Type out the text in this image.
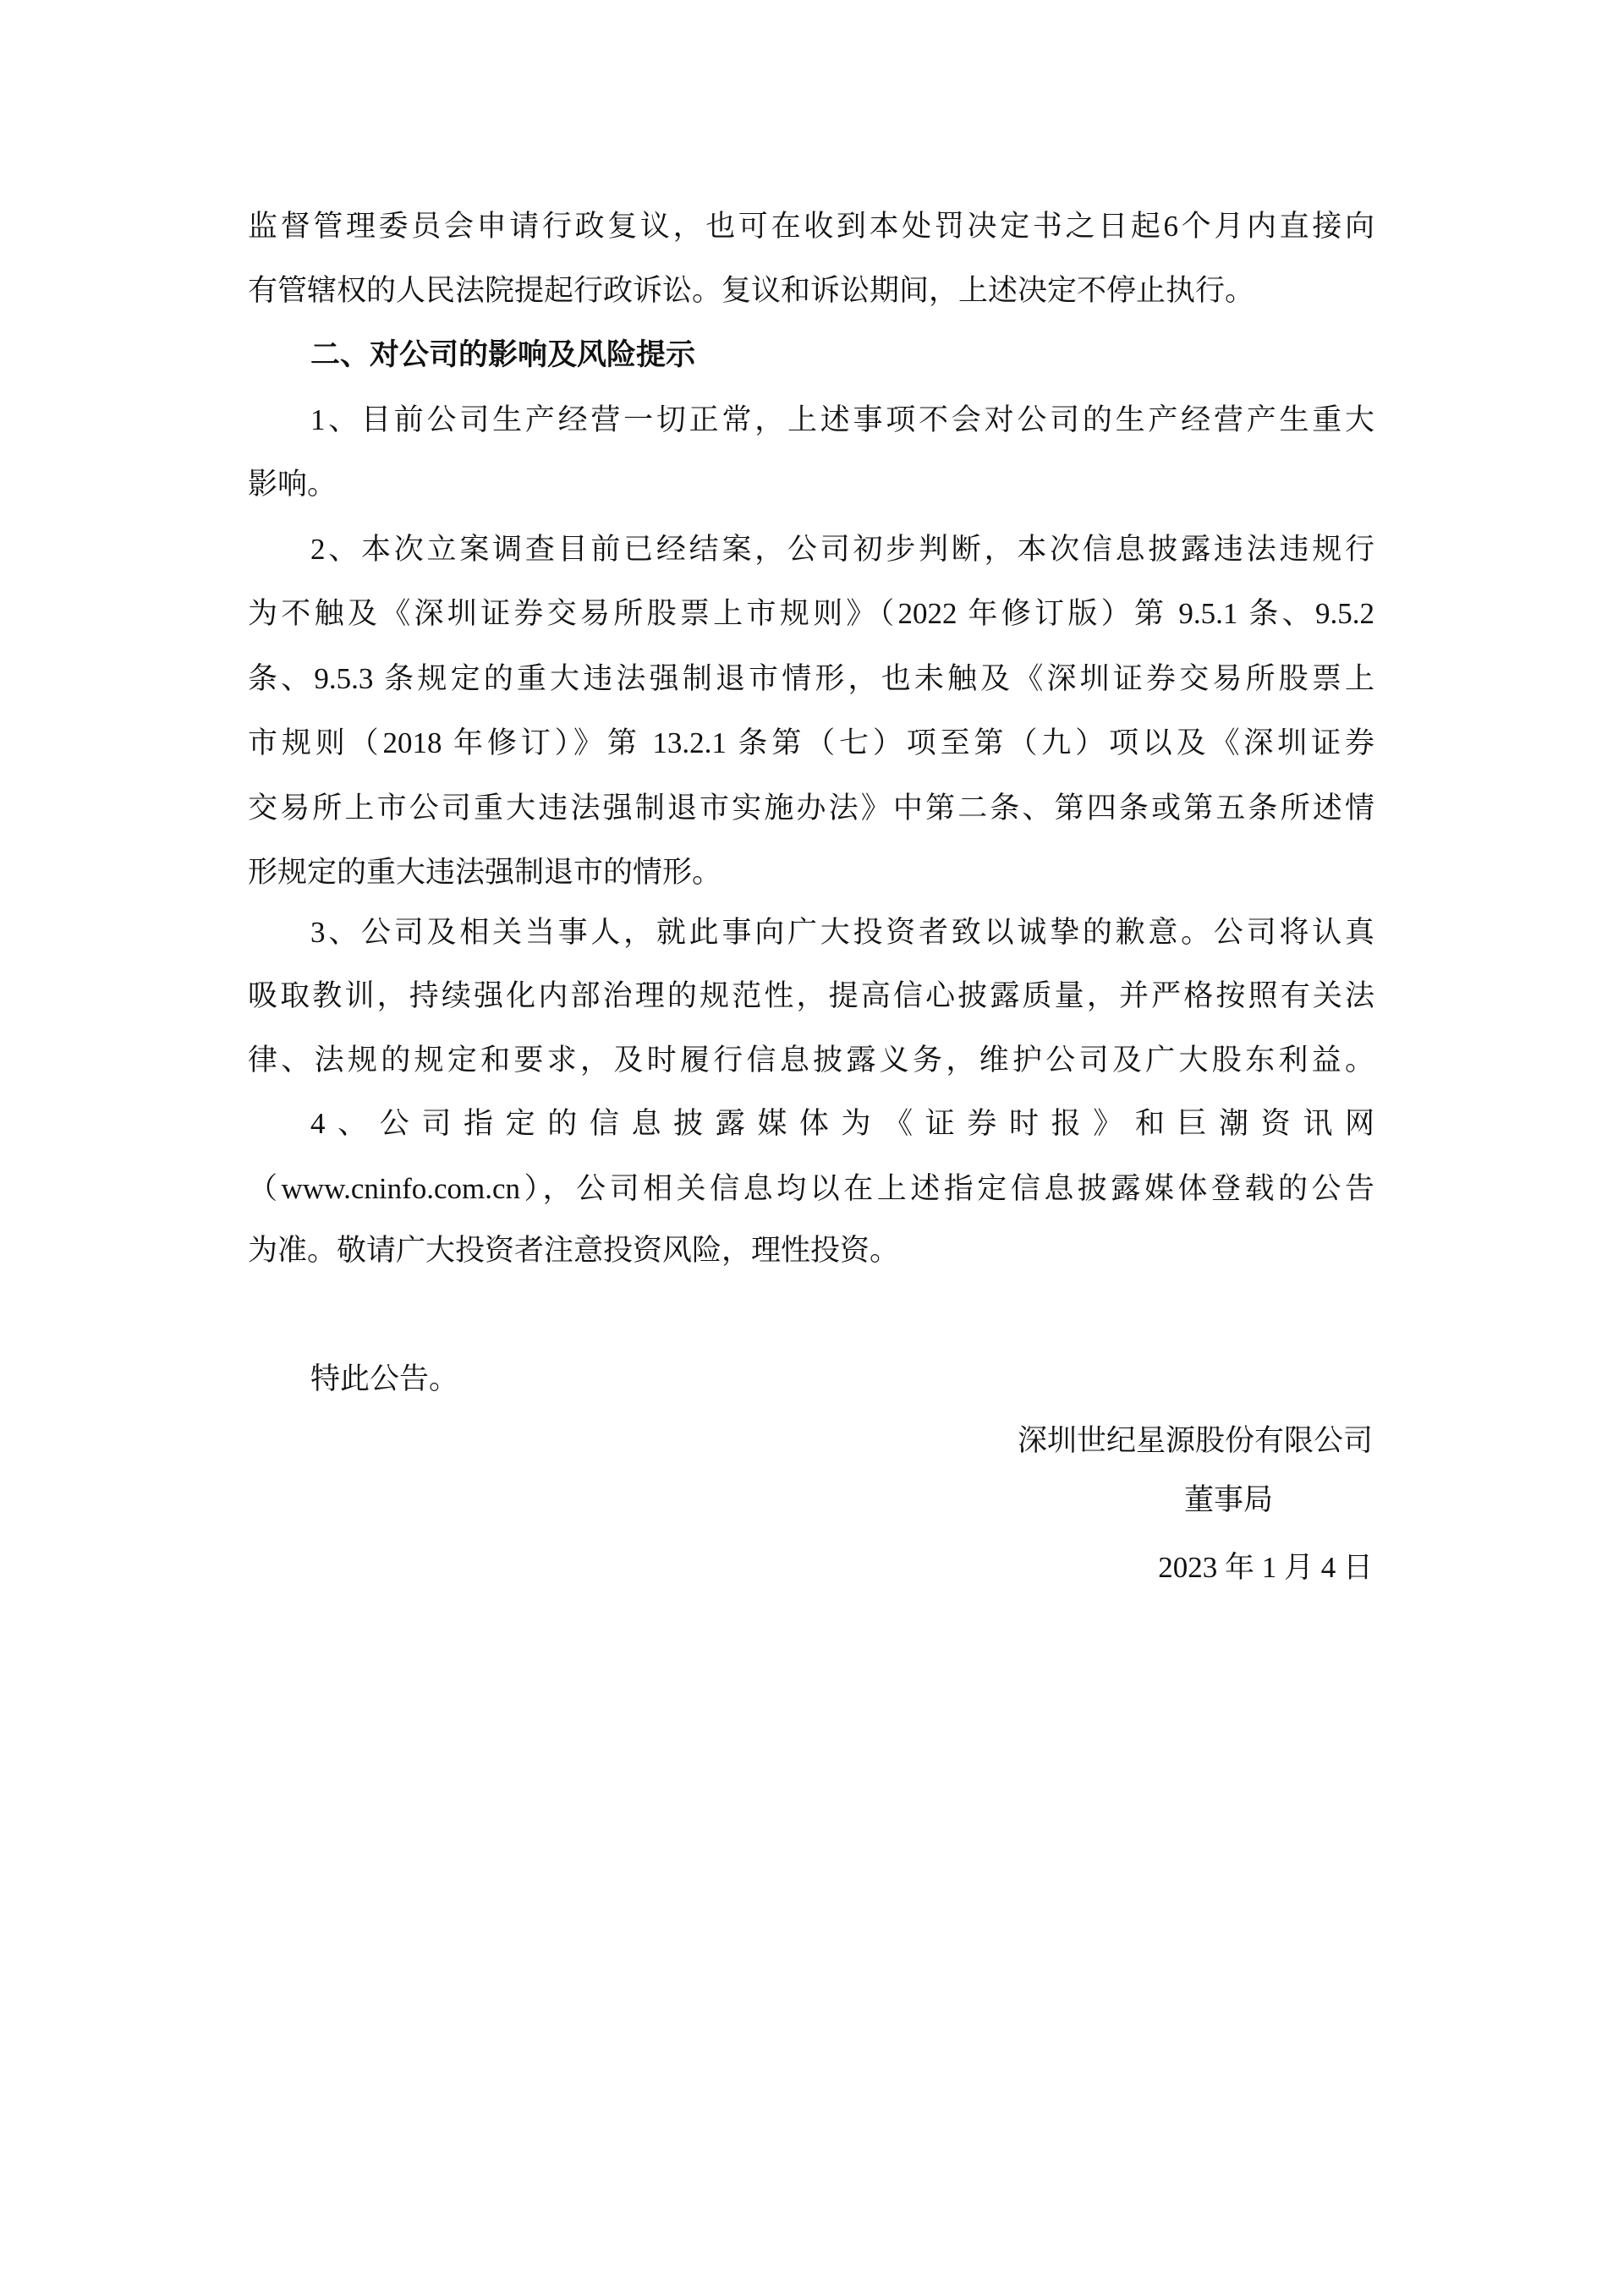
监督管理委员会申请行政复议，也可在收到本处罚决定书之日起6个月内直接向
有管辖权的人民法院提起行政诉讼。复议和诉讼期间，上述决定不停止执行。
二、对公司的影响及风险提示
1、目前公司生产经营一切正常，上述事项不会对公司的生产经营产生重大
影响。
2、本次立案调查目前已经结案，公司初步判断，本次信息披露违法违规行
为不触及《深圳证券交易所股票上市规则》（2022 年修订版）第 9.5.1 条、9.5.2
条、9.5.3 条规定的重大违法强制退市情形，也未触及《深圳证券交易所股票上
市规则（2018 年修订）》第 13.2.1 条第（七）项至第（九）项以及《深圳证券
交易所上市公司重大违法强制退市实施办法》中第二条、第四条或第五条所述情
形规定的重大违法强制退市的情形。
3、公司及相关当事人，就此事向广大投资者致以诚挚的歉意。公司将认真
吸取教训，持续强化内部治理的规范性，提高信心披露质量，并严格按照有关法
律、法规的规定和要求，及时履行信息披露义务，维护公司及广大股东利益。
4、公司指定的信息披露媒体为《证券时报》和巨潮资讯网
（www.cninfo.com.cn），公司相关信息均以在上述指定信息披露媒体登载的公告
为准。敬请广大投资者注意投资风险，理性投资。
特此公告。
深圳世纪星源股份有限公司
董事局
2023 年 1 月 4 日
